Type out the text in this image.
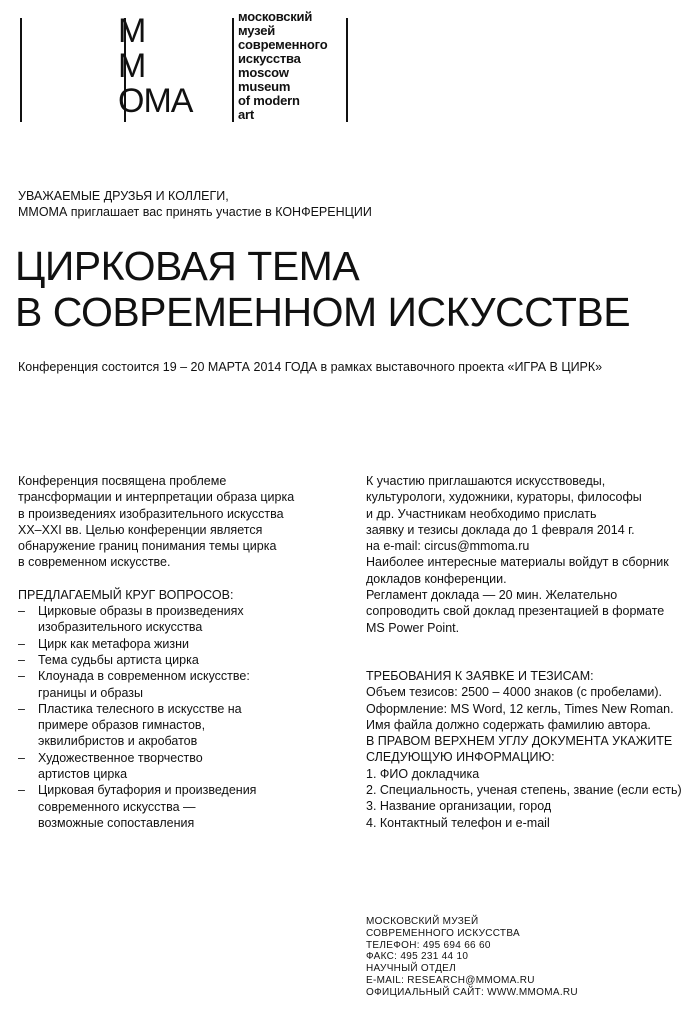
M
M
OMA
московский
музей
современного
искусства
moscow
museum
of modern
art
УВАЖАЕМЫЕ ДРУЗЬЯ И КОЛЛЕГИ,
ММОМА приглашает вас принять участие в КОНФЕРЕНЦИИ
ЦИРКОВАЯ ТЕМА
В СОВРЕМЕННОМ ИСКУССТВЕ
Конференция состоится 19 – 20 МАРТА 2014 ГОДА в рамках выставочного проекта «ИГРА В ЦИРК»

Конференция посвящена проблеме

трансформации и интерпретации образа цирка

в произведениях изобразительного искусства

XX–XXI вв. Целью конференции является

обнаружение границ понимания темы цирка

в современном искусстве.

ПРЕДЛАГАЕМЫЙ КРУГ ВОПРОСОВ:

– Цирковые образы в произведениях
изобразительного искусства
– Цирк как метафора жизни
– Тема судьбы артиста цирка
– Клоунада в современном искусстве:
границы и образы
– Пластика телесного в искусстве на
примере образов гимнастов,
эквилибристов и акробатов
– Художественное творчество
артистов цирка
– Цирковая бутафория и произведения
современного искусства —
возможные сопоставления

К участию приглашаются искусствоведы,

культурологи, художники, кураторы, философы

и др. Участникам необходимо прислать

заявку и тезисы доклада до 1 февраля 2014 г.

на e-mail: circus@mmoma.ru

Наиболее интересные материалы войдут в сборник

докладов конференции.

Регламент доклада — 20 мин. Желательно

сопроводить свой доклад презентацией в формате

MS Power Point.

ТРЕБОВАНИЯ К ЗАЯВКЕ И ТЕЗИСАМ:

Объем тезисов: 2500 – 4000 знаков (с пробелами).

Оформление: MS Word, 12 кегль, Times New Roman.

Имя файла должно содержать фамилию автора.

В ПРАВОМ ВЕРХНЕМ УГЛУ ДОКУМЕНТА УКАЖИТЕ

СЛЕДУЮЩУЮ ИНФОРМАЦИЮ:

1. ФИО докладчика
2. Специальность, ученая степень, звание (если есть)
3. Название организации, город
4. Контактный телефон и e-mail
МОСКОВСКИЙ МУЗЕЙ
СОВРЕМЕННОГО ИСКУССТВА
ТЕЛЕФОН: 495 694 66 60
ФАКС: 495 231 44 10
НАУЧНЫЙ ОТДЕЛ
E-MAIL: RESEARCH@MMOMA.RU
ОФИЦИАЛЬНЫЙ САЙТ: WWW.MMOMA.RU
